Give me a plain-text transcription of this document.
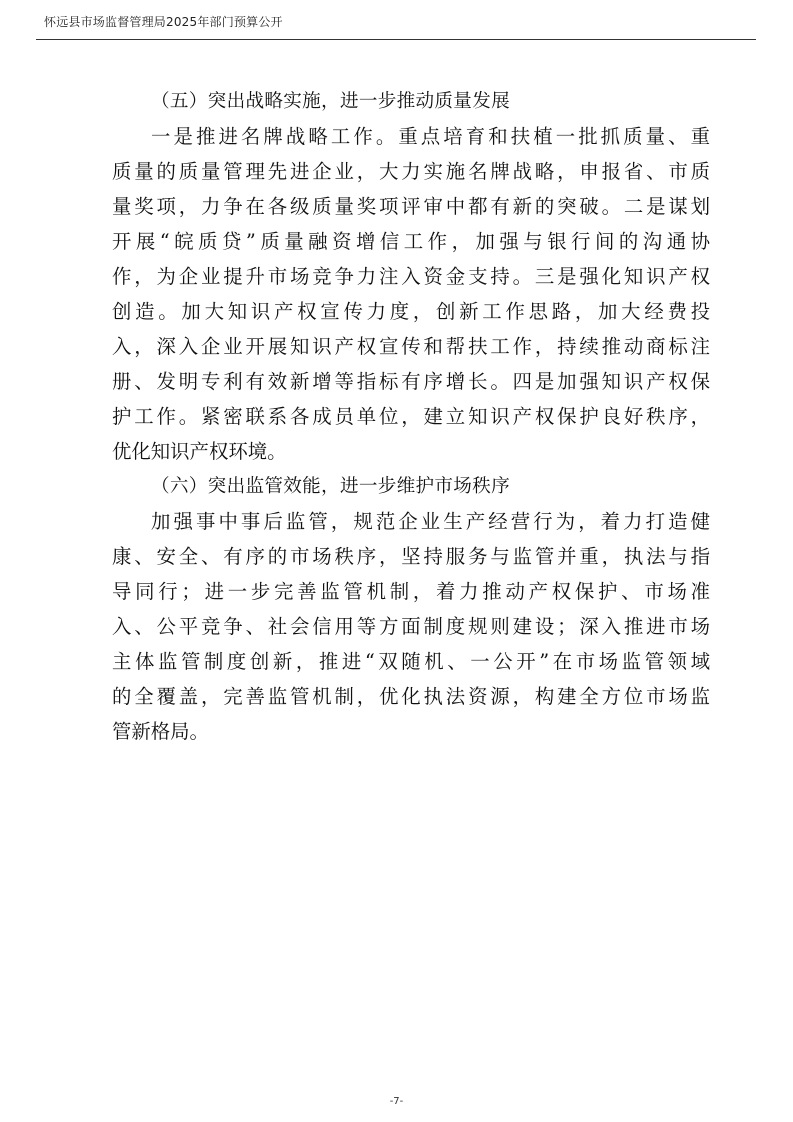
怀远县市场监督管理局2025年部门预算公开
（五）突出战略实施，进一步推动质量发展
一是推进名牌战略工作。重点培育和扶植一批抓质量、重
质量的质量管理先进企业，大力实施名牌战略，申报省、市质
量奖项，力争在各级质量奖项评审中都有新的突破。二是谋划
开展“皖质贷”质量融资增信工作，加强与银行间的沟通协
作，为企业提升市场竞争力注入资金支持。三是强化知识产权
创造。加大知识产权宣传力度，创新工作思路，加大经费投
入，深入企业开展知识产权宣传和帮扶工作，持续推动商标注
册、发明专利有效新增等指标有序增长。四是加强知识产权保
护工作。紧密联系各成员单位，建立知识产权保护良好秩序，
优化知识产权环境。
（六）突出监管效能，进一步维护市场秩序
加强事中事后监管，规范企业生产经营行为，着力打造健
康、安全、有序的市场秩序，坚持服务与监管并重，执法与指
导同行；进一步完善监管机制，着力推动产权保护、市场准
入、公平竞争、社会信用等方面制度规则建设；深入推进市场
主体监管制度创新，推进“双随机、一公开”在市场监管领域
的全覆盖，完善监管机制，优化执法资源，构建全方位市场监
管新格局。
-7-
